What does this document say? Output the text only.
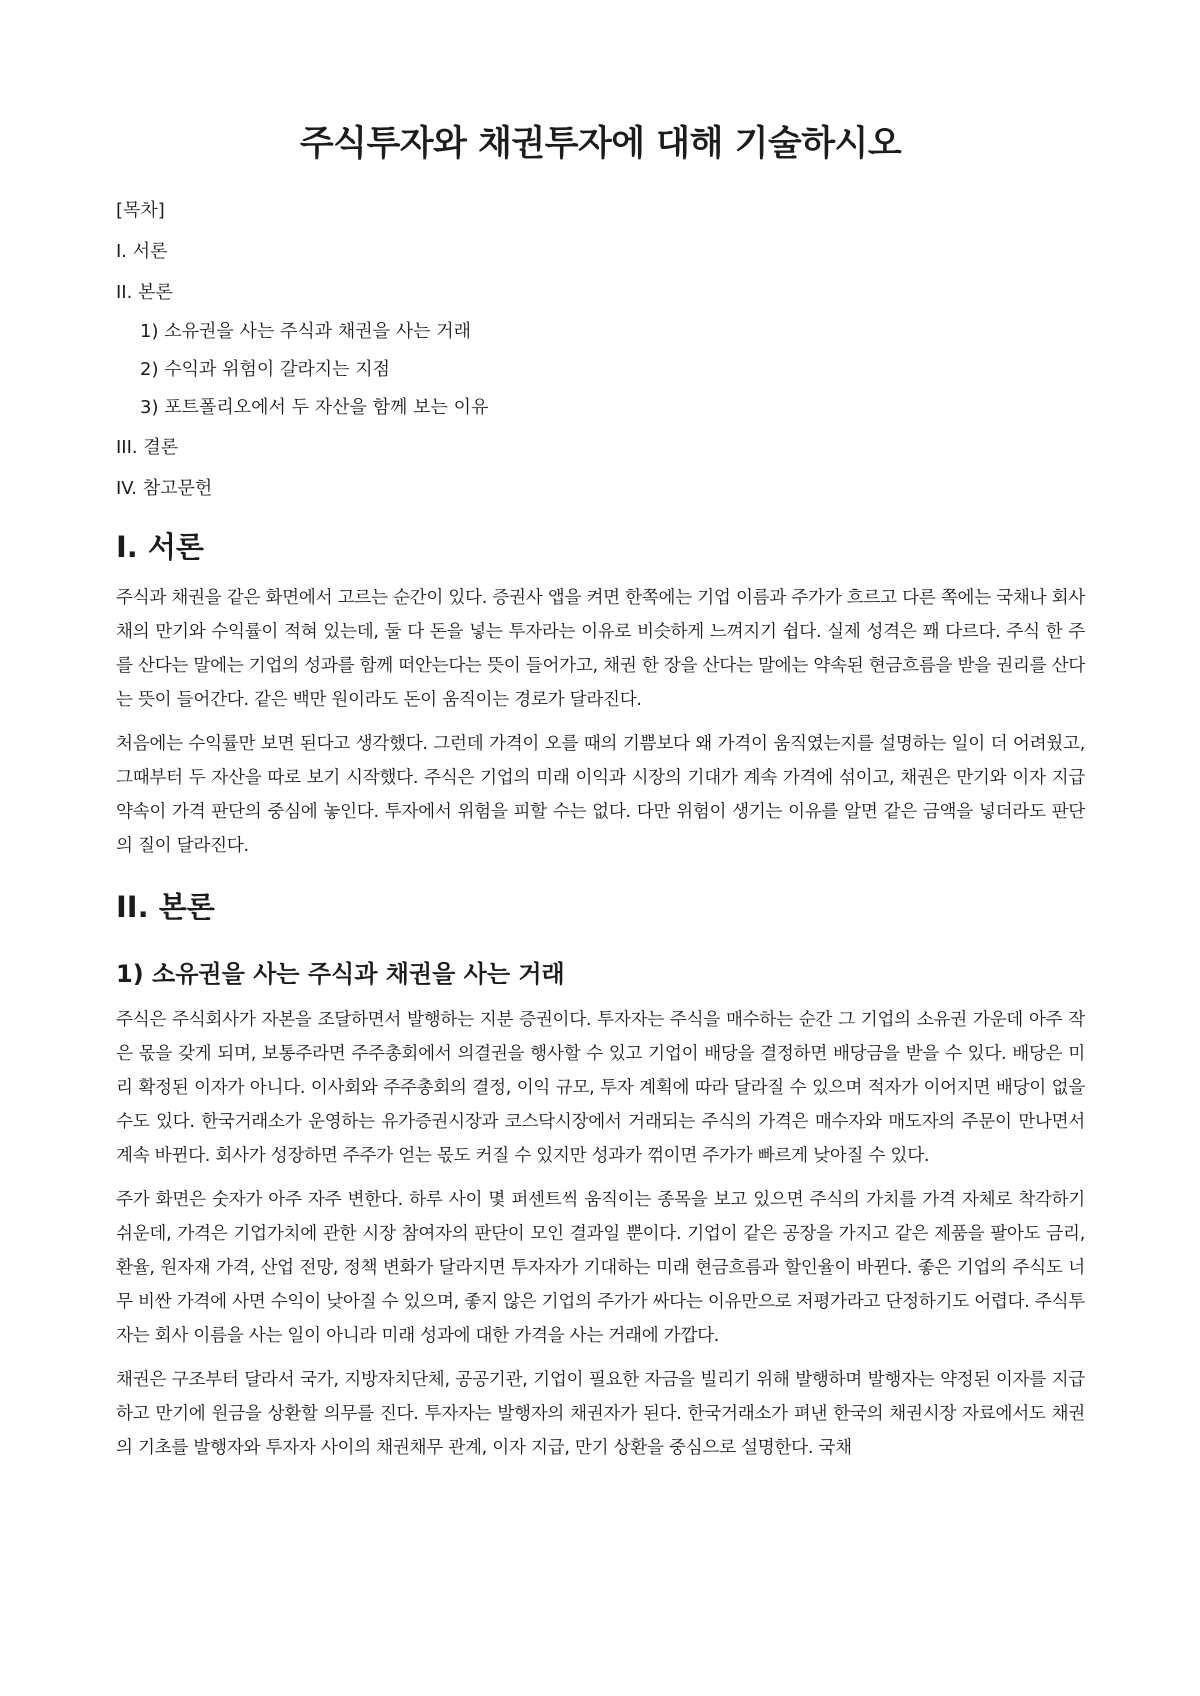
주식투자와 채권투자에 대해 기술하시오
[목차]
I. 서론
II. 본론
1) 소유권을 사는 주식과 채권을 사는 거래
2) 수익과 위험이 갈라지는 지점
3) 포트폴리오에서 두 자산을 함께 보는 이유
III. 결론
IV. 참고문헌
I. 서론

주식과 채권을 같은 화면에서 고르는 순간이 있다. 증권사 앱을 켜면 한쪽에는 기업 이름과 주가가 흐르고 다른 쪽에는 국채나 회사채의 만기와 수익률이 적혀 있는데, 둘 다 돈을 넣는 투자라는 이유로 비슷하게 느껴지기 쉽다. 실제 성격은 꽤 다르다. 주식 한 주를 산다는 말에는 기업의 성과를 함께 떠안는다는 뜻이 들어가고, 채권 한 장을 산다는 말에는 약속된 현금흐름을 받을 권리를 산다는 뜻이 들어간다. 같은 백만 원이라도 돈이 움직이는 경로가 달라진다.

처음에는 수익률만 보면 된다고 생각했다. 그런데 가격이 오를 때의 기쁨보다 왜 가격이 움직였는지를 설명하는 일이 더 어려웠고, 그때부터 두 자산을 따로 보기 시작했다. 주식은 기업의 미래 이익과 시장의 기대가 계속 가격에 섞이고, 채권은 만기와 이자 지급 약속이 가격 판단의 중심에 놓인다. 투자에서 위험을 피할 수는 없다. 다만 위험이 생기는 이유를 알면 같은 금액을 넣더라도 판단의 질이 달라진다.

II. 본론
1) 소유권을 사는 주식과 채권을 사는 거래

주식은 주식회사가 자본을 조달하면서 발행하는 지분 증권이다. 투자자는 주식을 매수하는 순간 그 기업의 소유권 가운데 아주 작은 몫을 갖게 되며, 보통주라면 주주총회에서 의결권을 행사할 수 있고 기업이 배당을 결정하면 배당금을 받을 수 있다. 배당은 미리 확정된 이자가 아니다. 이사회와 주주총회의 결정, 이익 규모, 투자 계획에 따라 달라질 수 있으며 적자가 이어지면 배당이 없을 수도 있다. 한국거래소가 운영하는 유가증권시장과 코스닥시장에서 거래되는 주식의 가격은 매수자와 매도자의 주문이 만나면서 계속 바뀐다. 회사가 성장하면 주주가 얻는 몫도 커질 수 있지만 성과가 꺾이면 주가가 빠르게 낮아질 수 있다.

주가 화면은 숫자가 아주 자주 변한다. 하루 사이 몇 퍼센트씩 움직이는 종목을 보고 있으면 주식의 가치를 가격 자체로 착각하기 쉬운데, 가격은 기업가치에 관한 시장 참여자의 판단이 모인 결과일 뿐이다. 기업이 같은 공장을 가지고 같은 제품을 팔아도 금리, 환율, 원자재 가격, 산업 전망, 정책 변화가 달라지면 투자자가 기대하는 미래 현금흐름과 할인율이 바뀐다. 좋은 기업의 주식도 너무 비싼 가격에 사면 수익이 낮아질 수 있으며, 좋지 않은 기업의 주가가 싸다는 이유만으로 저평가라고 단정하기도 어렵다. 주식투자는 회사 이름을 사는 일이 아니라 미래 성과에 대한 가격을 사는 거래에 가깝다.

채권은 구조부터 달라서 국가, 지방자치단체, 공공기관, 기업이 필요한 자금을 빌리기 위해 발행하며 발행자는 약정된 이자를 지급하고 만기에 원금을 상환할 의무를 진다. 투자자는 발행자의 채권자가 된다. 한국거래소가 펴낸 한국의 채권시장 자료에서도 채권의 기초를 발행자와 투자자 사이의 채권채무 관계, 이자 지급, 만기 상환을 중심으로 설명한다. 국채
